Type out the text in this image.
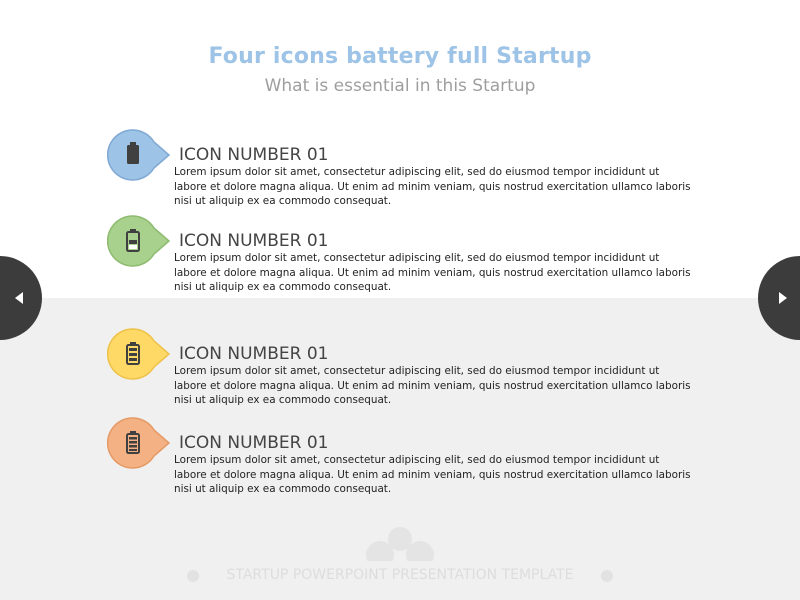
Four icons battery full Startup
What is essential in this Startup
ICON NUMBER 01
Lorem ipsum dolor sit amet, consectetur adipiscing elit, sed do eiusmod tempor incididunt ut labore et dolore magna aliqua. Ut enim ad minim veniam, quis nostrud exercitation ullamco laboris nisi ut aliquip ex ea commodo consequat.
ICON NUMBER 01
Lorem ipsum dolor sit amet, consectetur adipiscing elit, sed do eiusmod tempor incididunt ut labore et dolore magna aliqua. Ut enim ad minim veniam, quis nostrud exercitation ullamco laboris nisi ut aliquip ex ea commodo consequat.
ICON NUMBER 01
Lorem ipsum dolor sit amet, consectetur adipiscing elit, sed do eiusmod tempor incididunt ut labore et dolore magna aliqua. Ut enim ad minim veniam, quis nostrud exercitation ullamco laboris nisi ut aliquip ex ea commodo consequat.
ICON NUMBER 01
Lorem ipsum dolor sit amet, consectetur adipiscing elit, sed do eiusmod tempor incididunt ut labore et dolore magna aliqua. Ut enim ad minim veniam, quis nostrud exercitation ullamco laboris nisi ut aliquip ex ea commodo consequat.
STARTUP POWERPOINT PRESENTATION TEMPLATE
